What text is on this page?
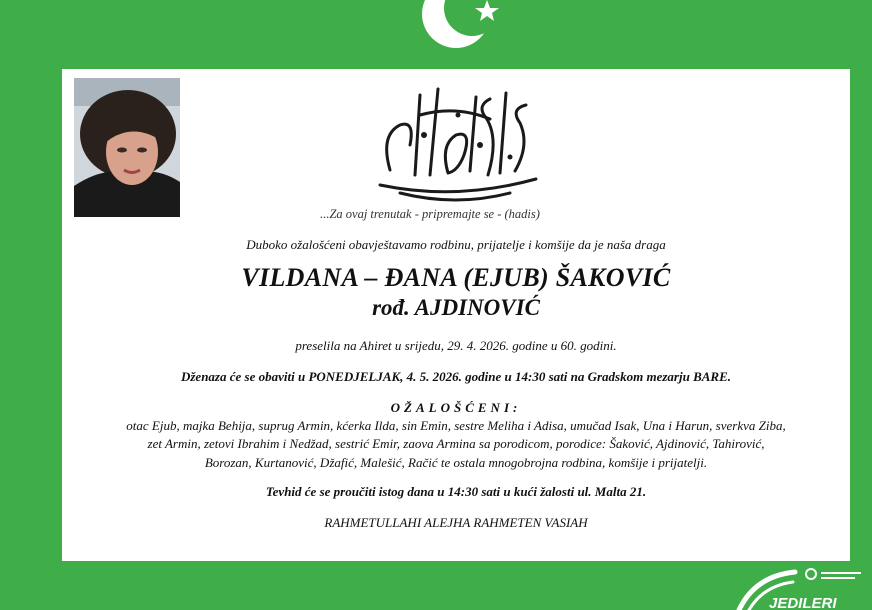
...Za ovaj trenutak - pripremajte se - (hadis)
Duboko ožalošćeni obavještavamo rodbinu, prijatelje i komšije da je naša draga
VILDANA – ĐANA (EJUB) ŠAKOVIĆ
rođ. AJDINOVIĆ
preselila na Ahiret u srijedu, 29. 4. 2026. godine u 60. godini.
Dženaza će se obaviti u PONEDJELJAK, 4. 5. 2026. godine u 14:30 sati na Gradskom mezarju BARE.
OŽALOŠĆENI:
otac Ejub, majka Behija, suprug Armin, kćerka Ilda, sin Emin, sestre Meliha i Adisa, umučad Isak, Una i Harun, sverkva Ziba,
zet Armin, zetovi Ibrahim i Nedžad, sestrić Emir, zaova Armina sa porodicom, porodice: Šaković, Ajdinović, Tahirović,
Borozan, Kurtanović, Džafić, Malešić, Račić te ostala mnogobrojna rodbina, komšije i prijatelji.
Tevhid će se proučiti istog dana u 14:30 sati u kući žalosti ul. Malta 21.
RAHMETULLAHI ALEJHA RAHMETEN VASIAH
JEDILERI
